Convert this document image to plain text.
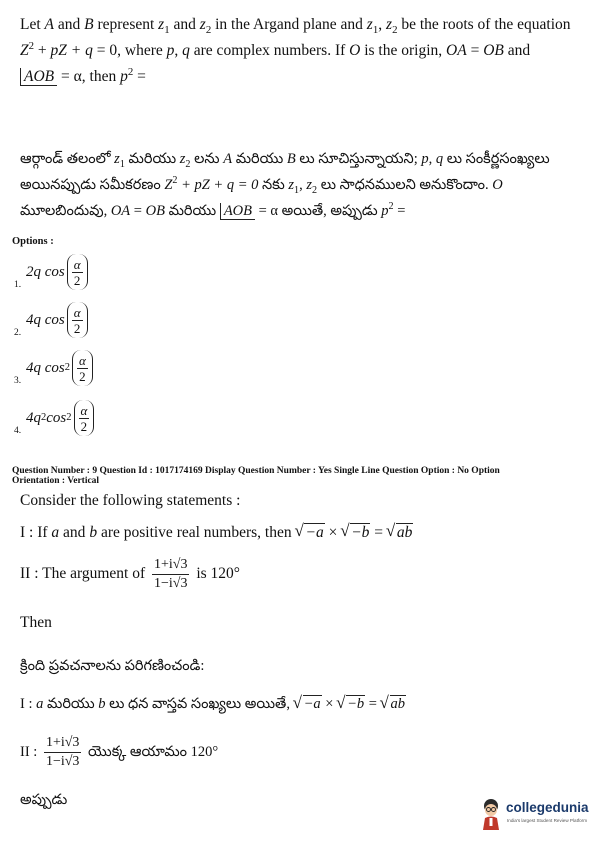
Let A and B represent $z_1$ and $z_2$ in the Argand plane and $z_1$, $z_2$ be the roots of the equation
$Z^2$ + pZ + q = 0, where p, q are complex numbers. If O is the origin, OA = OB and
AOB = α, then $p^2$ =
ఆర్గాండ్ తలంలో $z_1$ మరియు $z_2$ లను A మరియు B లు సూచిస్తున్నాయని; p, q లు సంకీర్ణసంఖ్యలు
అయినప్పుడు సమీకరణం $Z^2$ + pZ + q = 0 నకు $z_1$, $z_2$ లు సాధనములని అనుకొందాం. O
మూలబిందువు, OA = OB మరియు AOB = α అయితే, అప్పుడు $p^2$ =
Options :
2q $\cos \frac{\alpha}{2}$
1.
4q $\cos \frac{\alpha}{2}$
2.
4q $\cos 2 \frac{\alpha}{2}$
3.
4q 2 $\cos 2 \frac{\alpha}{2}$
4.
Question Number : 9 Question Id : 1017174169 Display Question Number : Yes Single Line Question Option : No Option
Orientation : Vertical
Consider the following statements :
I : If a and b are positive real numbers, then √ −a × √ −b = √ ab
II : The argument of $\frac{1+i√3}{1-i√3}$ is 120°
Then
క్రింది ప్రవచనాలను పరిగణించండి:
I : a మరియు b లు ధన వాస్తవ సంఖ్యలు అయితే, √ −a × √ −b = √ ab
II : $\frac{1+i√3}{1-i√3}$ యొక్క ఆయామం 120°
అప్పుడు	collegedunia
India's largest Student Review Platform
